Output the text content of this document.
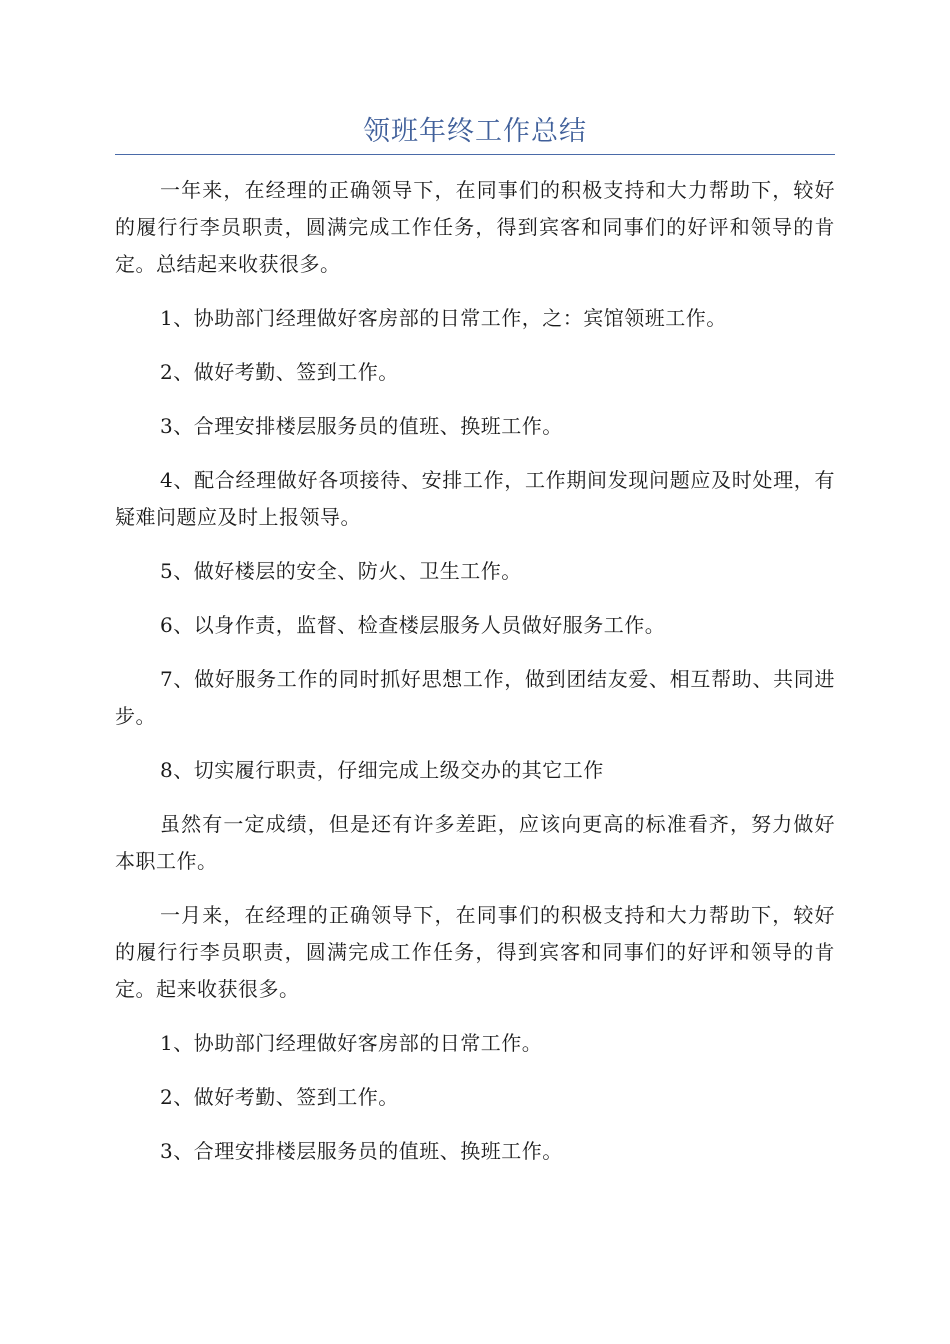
领班年终工作总结

一年来，在经理的正确领导下，在同事们的积极支持和大力帮助下，较好的履行行李员职责，圆满完成工作任务，得到宾客和同事们的好评和领导的肯定。总结起来收获很多。

1、协助部门经理做好客房部的日常工作，之：宾馆领班工作。

2、做好考勤、签到工作。

3、合理安排楼层服务员的值班、换班工作。

4、配合经理做好各项接待、安排工作，工作期间发现问题应及时处理，有疑难问题应及时上报领导。

5、做好楼层的安全、防火、卫生工作。

6、以身作责，监督、检查楼层服务人员做好服务工作。

7、做好服务工作的同时抓好思想工作，做到团结友爱、相互帮助、共同进步。

8、切实履行职责，仔细完成上级交办的其它工作

虽然有一定成绩，但是还有许多差距，应该向更高的标准看齐，努力做好本职工作。

一月来，在经理的正确领导下，在同事们的积极支持和大力帮助下，较好的履行行李员职责，圆满完成工作任务，得到宾客和同事们的好评和领导的肯定。起来收获很多。

1、协助部门经理做好客房部的日常工作。

2、做好考勤、签到工作。

3、合理安排楼层服务员的值班、换班工作。
